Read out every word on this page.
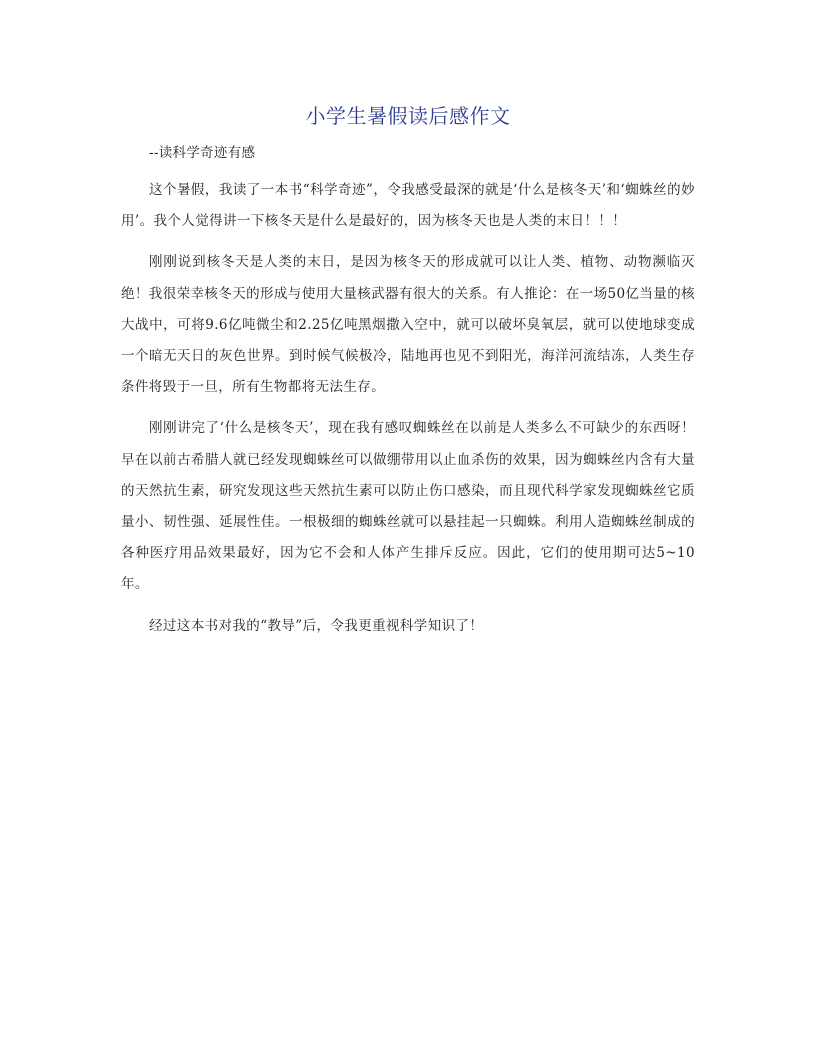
小学生暑假读后感作文
--读科学奇迹有感

这个暑假，我读了一本书“科学奇迹”，令我感受最深的就是‘什么是核冬天’和‘蜘蛛丝的妙用’。我个人觉得讲一下核冬天是什么是最好的，因为核冬天也是人类的末日！！！

刚刚说到核冬天是人类的末日，是因为核冬天的形成就可以让人类、植物、动物濒临灭绝！我很荣幸核冬天的形成与使用大量核武器有很大的关系。有人推论：在一场50亿当量的核大战中，可将9.6亿吨微尘和2.25亿吨黑烟撒入空中，就可以破坏臭氧层，就可以使地球变成一个暗无天日的灰色世界。到时候气候极冷，陆地再也见不到阳光，海洋河流结冻，人类生存条件将毁于一旦，所有生物都将无法生存。

刚刚讲完了‘什么是核冬天’，现在我有感叹蜘蛛丝在以前是人类多么不可缺少的东西呀！早在以前古希腊人就已经发现蜘蛛丝可以做绷带用以止血杀伤的效果，因为蜘蛛丝内含有大量的天然抗生素，研究发现这些天然抗生素可以防止伤口感染，而且现代科学家发现蜘蛛丝它质量小、韧性强、延展性佳。一根极细的蜘蛛丝就可以悬挂起一只蜘蛛。利用人造蜘蛛丝制成的各种医疗用品效果最好，因为它不会和人体产生排斥反应。因此，它们的使用期可达5~10年。

经过这本书对我的“教导”后，令我更重视科学知识了！
